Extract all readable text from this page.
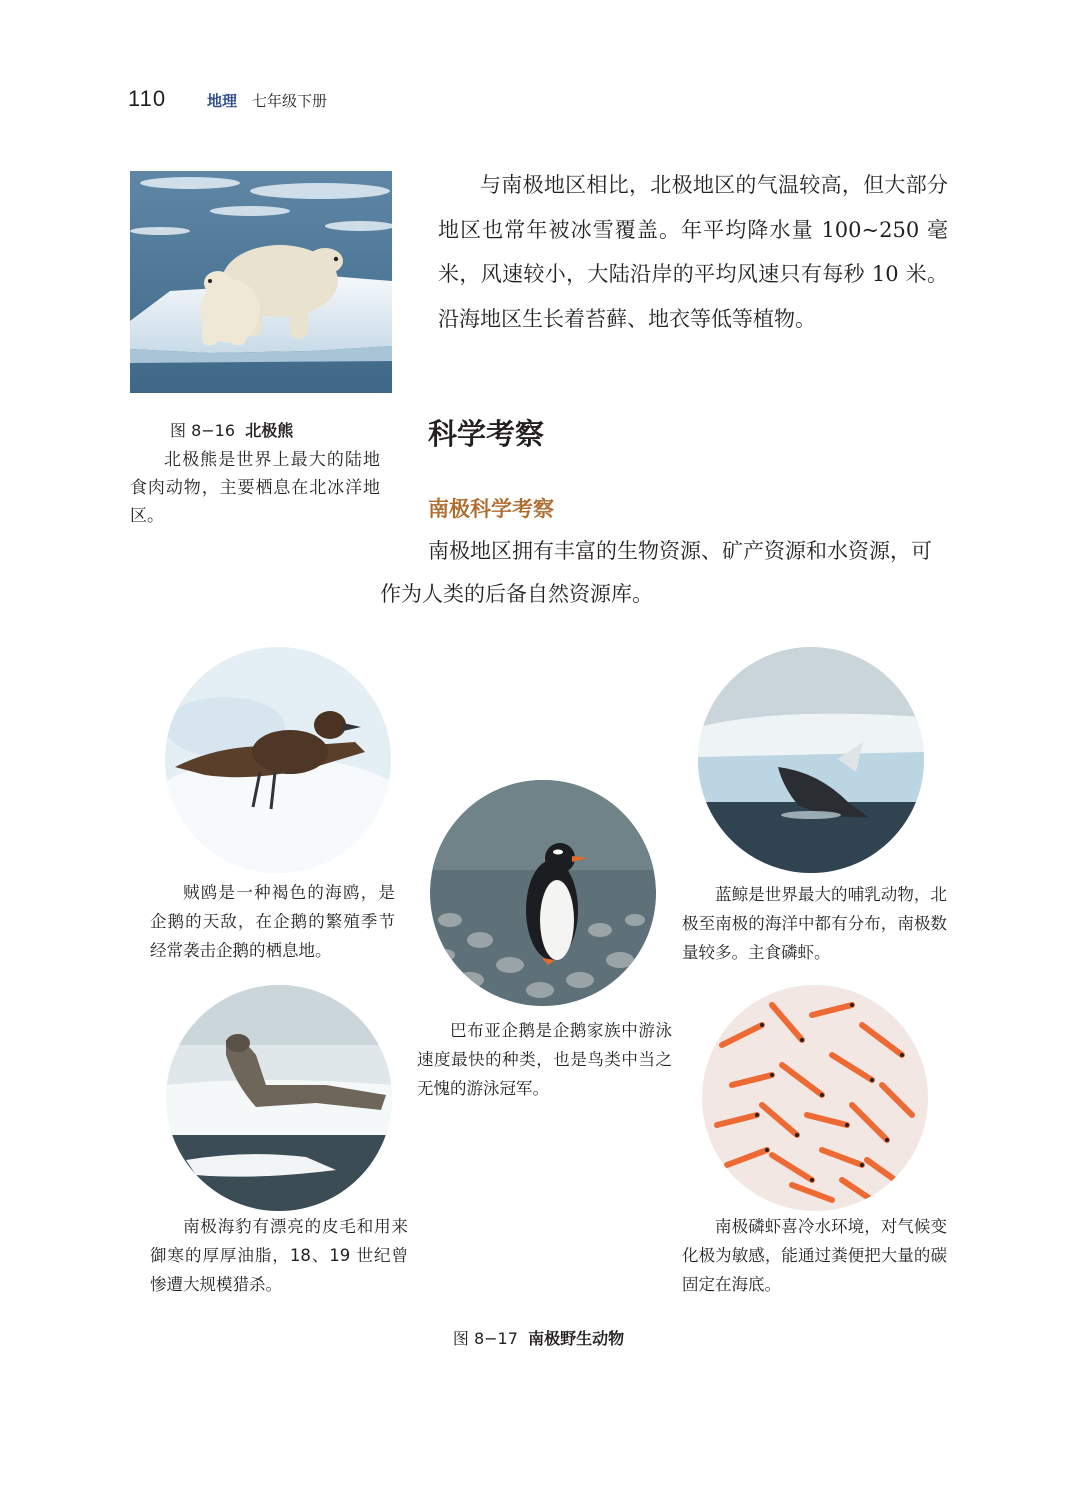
110	地理 七年级下册
图 8−16 北极熊
北极熊是世界上最大的陆地食肉动物，主要栖息在北冰洋地区。
与南极地区相比，北极地区的气温较高，但大部分地区也常年被冰雪覆盖。年平均降水量 100~250 毫米，风速较小，大陆沿岸的平均风速只有每秒 10 米。沿海地区生长着苔藓、地衣等低等植物。
科学考察
南极科学考察
南极地区拥有丰富的生物资源、矿产资源和水资源，可作为人类的后备自然资源库。
贼鸥是一种褐色的海鸥，是企鹅的天敌，在企鹅的繁殖季节经常袭击企鹅的栖息地。
蓝鲸是世界最大的哺乳动物，北极至南极的海洋中都有分布，南极数量较多。主食磷虾。
巴布亚企鹅是企鹅家族中游泳速度最快的种类，也是鸟类中当之无愧的游泳冠军。
南极海豹有漂亮的皮毛和用来御寒的厚厚油脂，18、19 世纪曾惨遭大规模猎杀。
南极磷虾喜冷水环境，对气候变化极为敏感，能通过粪便把大量的碳固定在海底。
图 8−17 南极野生动物
